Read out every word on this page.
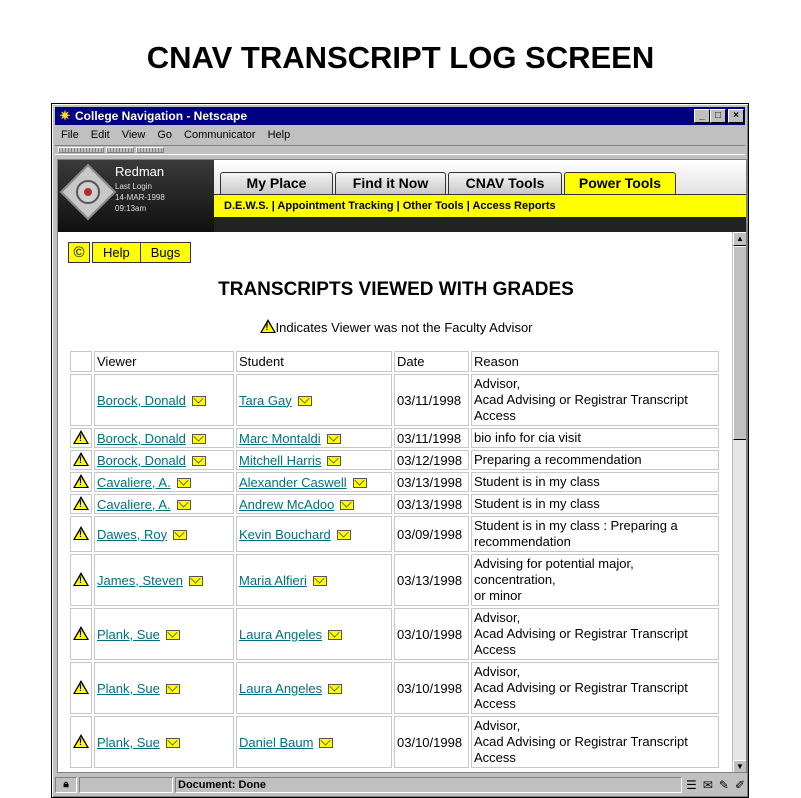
CNAV TRANSCRIPT LOG SCREEN
✷ College Navigation - Netscape	_	□	×
File	Edit	View	Go	Communicator	Help
Redman
Last Login
14-MAR-1998
09:13am
My Place	Find it Now	CNAV Tools	Power Tools
D.E.W.S. | Appointment Tracking | Other Tools | Access Reports
©	Help	Bugs
TRANSCRIPTS VIEWED WITH GRADES
!Indicates Viewer was not the Faculty Advisor
	Viewer	Student	Date	Reason
	Borock, Donald	Tara Gay	03/11/1998	Advisor,
Acad Advising or Registrar Transcript
Access

!	Borock, Donald	Marc Montaldi	03/11/1998	bio info for cia visit

!	Borock, Donald	Mitchell Harris	03/12/1998	Preparing a recommendation

!	Cavaliere, A.	Alexander Caswell	03/13/1998	Student is in my class

!	Cavaliere, A.	Andrew McAdoo	03/13/1998	Student is in my class

!	Dawes, Roy	Kevin Bouchard	03/09/1998	Student is in my class : Preparing a
recommendation

!	James, Steven	Maria Alfieri	03/13/1998	Advising for potential major,
concentration,
or minor

!	Plank, Sue	Laura Angeles	03/10/1998	Advisor,
Acad Advising or Registrar Transcript
Access

!	Plank, Sue	Laura Angeles	03/10/1998	Advisor,
Acad Advising or Registrar Transcript
Access

!	Plank, Sue	Daniel Baum	03/10/1998	Advisor,
Acad Advising or Registrar Transcript
Access
▲
▼
🔒︎	Document: Done	☰ ✉ ✎ ✐
